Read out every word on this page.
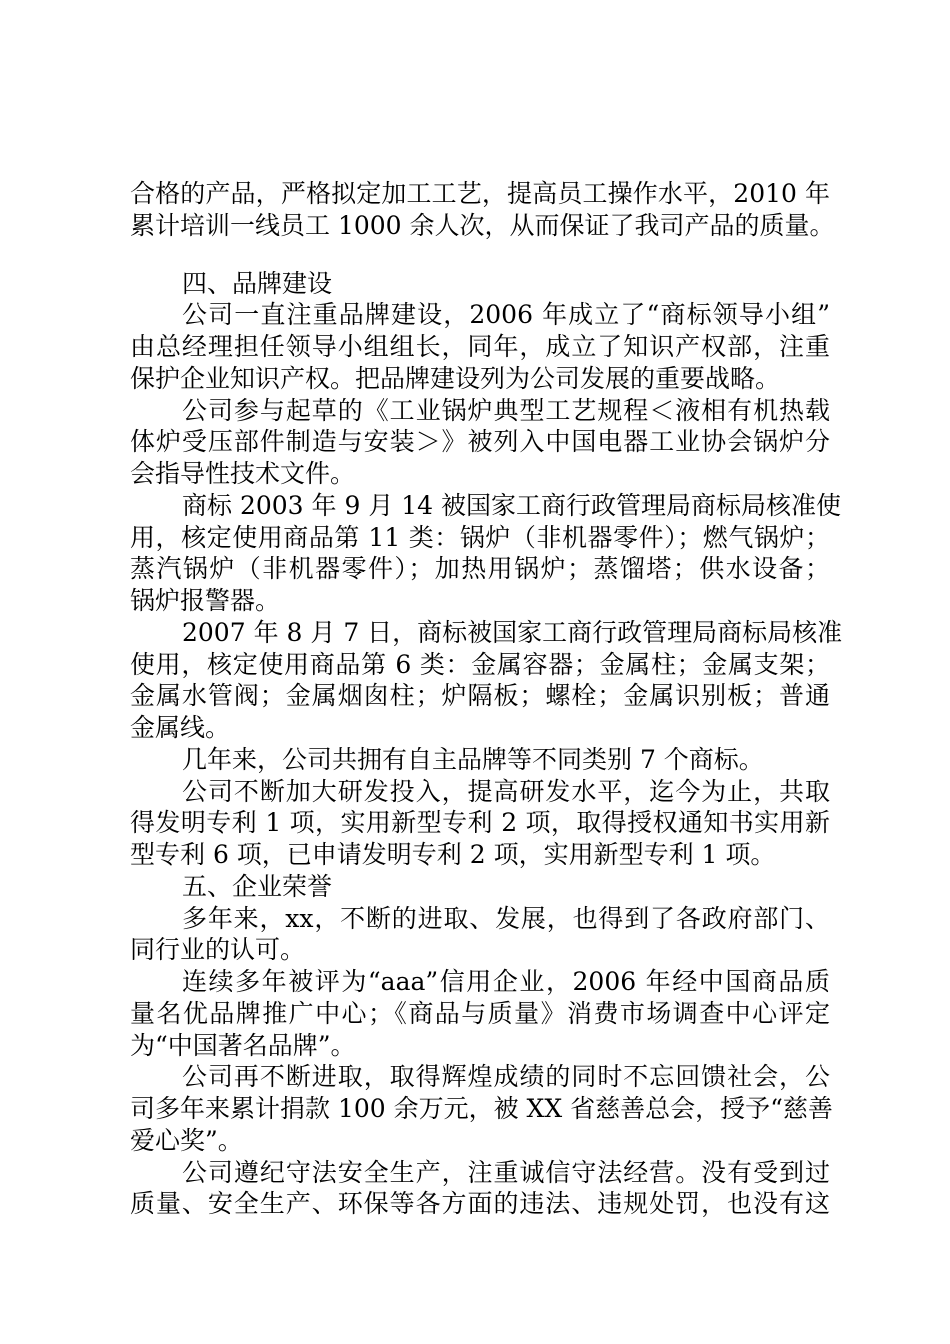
合格的产品，严格拟定加工工艺，提高员工操作水平，2010 年
累计培训一线员工 1000 余人次，从而保证了我司产品的质量。
四、品牌建设
公司一直注重品牌建设，2006 年成立了“商标领导小组”
由总经理担任领导小组组长，同年，成立了知识产权部，注重
保护企业知识产权。把品牌建设列为公司发展的重要战略。
公司参与起草的《工业锅炉典型工艺规程＜液相有机热载
体炉受压部件制造与安装＞》被列入中国电器工业协会锅炉分
会指导性技术文件。
商标 2003 年 9 月 14 被国家工商行政管理局商标局核准使
用，核定使用商品第 11 类：锅炉（非机器零件）；燃气锅炉；
蒸汽锅炉（非机器零件）；加热用锅炉；蒸馏塔；供水设备；
锅炉报警器。
2007 年 8 月 7 日，商标被国家工商行政管理局商标局核准
使用，核定使用商品第 6 类：金属容器；金属柱；金属支架；
金属水管阀；金属烟囱柱；炉隔板；螺栓；金属识别板；普通
金属线。
几年来，公司共拥有自主品牌等不同类别 7 个商标。
公司不断加大研发投入，提高研发水平，迄今为止，共取
得发明专利 1 项，实用新型专利 2 项，取得授权通知书实用新
型专利 6 项，已申请发明专利 2 项，实用新型专利 1 项。
五、企业荣誉
多年来，xx，不断的进取、发展，也得到了各政府部门、
同行业的认可。
连续多年被评为“aaa”信用企业，2006 年经中国商品质
量名优品牌推广中心；《商品与质量》消费市场调查中心评定
为“中国著名品牌”。
公司再不断进取，取得辉煌成绩的同时不忘回馈社会，公
司多年来累计捐款 100 余万元，被 XX 省慈善总会，授予“慈善
爱心奖”。
公司遵纪守法安全生产，注重诚信守法经营。没有受到过
质量、安全生产、环保等各方面的违法、违规处罚，也没有这
